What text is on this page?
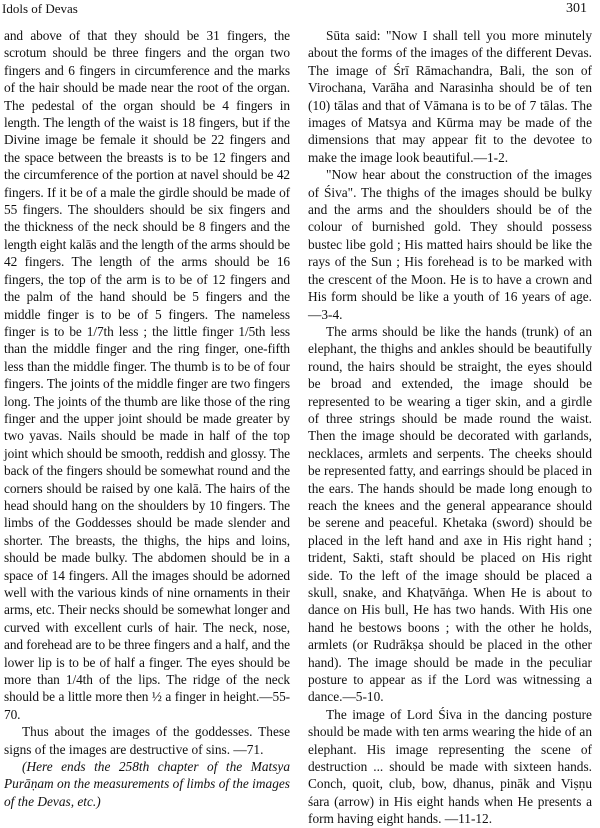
Idols of Devas	301

and above of that they should be 31 fingers, the scrotum should be three fingers and the organ two fingers and 6 fingers in circumference and the marks of the hair should be made near the root of the organ. The pedestal of the organ should be 4 fingers in length. The length of the waist is 18 fingers, but if the Divine image be female it should be 22 fingers and the space between the breasts is to be 12 fingers and the circumference of the portion at navel should be 42 fingers. If it be of a male the girdle should be made of 55 fingers. The shoulders should be six fingers and the thickness of the neck should be 8 fingers and the length eight kalās and the length of the arms should be 42 fingers. The length of the arms should be 16 fingers, the top of the arm is to be of 12 fingers and the palm of the hand should be 5 fingers and the middle finger is to be of 5 fingers. The nameless finger is to be 1/7th less ; the little finger 1/5th less than the middle finger and the ring finger, one-fifth less than the middle finger. The thumb is to be of four fingers. The joints of the middle finger are two fingers long. The joints of the thumb are like those of the ring finger and the upper joint should be made greater by two yavas. Nails should be made in half of the top joint which should be smooth, reddish and glossy. The back of the fingers should be somewhat round and the corners should be raised by one kalā. The hairs of the head should hang on the shoulders by 10 fingers. The limbs of the Goddesses should be made slender and shorter. The breasts, the thighs, the hips and loins, should be made bulky. The abdomen should be in a space of 14 fingers. All the images should be adorned well with the various kinds of nine ornaments in their arms, etc. Their necks should be somewhat longer and curved with excellent curls of hair. The neck, nose, and forehead are to be three fingers and a half, and the lower lip is to be of half a finger. The eyes should be more than 1/4th of the lips. The ridge of the neck should be a little more then ½ a finger in height.—55-70.

Thus about the images of the goddesses. These signs of the images are destructive of sins. —71.

(Here ends the 258th chapter of the Matsya Purāṇam on the measurements of limbs of the images of the Devas, etc.)

Sūta said: "Now I shall tell you more minutely about the forms of the images of the different Devas. The image of Śrī Rāmachandra, Bali, the son of Virochana, Varāha and Narasinha should be of ten (10) tālas and that of Vāmana is to be of 7 tālas. The images of Matsya and Kūrma may be made of the dimensions that may appear fit to the devotee to make the image look beautiful.—1-2.

"Now hear about the construction of the images of Śiva". The thighs of the images should be bulky and the arms and the shoulders should be of the colour of burnished gold. They should possess bustec libe gold ; His matted hairs should be like the rays of the Sun ; His forehead is to be marked with the crescent of the Moon. He is to have a crown and His form should be like a youth of 16 years of age. —3-4.

The arms should be like the hands (trunk) of an elephant, the thighs and ankles should be beautifully round, the hairs should be straight, the eyes should be broad and extended, the image should be represented to be wearing a tiger skin, and a girdle of three strings should be made round the waist. Then the image should be decorated with garlands, necklaces, armlets and serpents. The cheeks should be represented fatty, and earrings should be placed in the ears. The hands should be made long enough to reach the knees and the general appearance should be serene and peaceful. Khetaka (sword) should be placed in the left hand and axe in His right hand ; trident, Sakti, staft should be placed on His right side. To the left of the image should be placed a skull, snake, and Khaṭvāṅga. When He is about to dance on His bull, He has two hands. With His one hand he bestows boons ; with the other he holds, armlets (or Rudrākṣa should be placed in the other hand). The image should be made in the peculiar posture to appear as if the Lord was witnessing a dance.—5-10.

The image of Lord Śiva in the dancing posture should be made with ten arms wearing the hide of an elephant. His image representing the scene of destruction ... should be made with sixteen hands. Conch, quoit, club, bow, dhanus, pināk and Viṣṇu śara (arrow) in His eight hands when He presents a form having eight hands. —11-12.
